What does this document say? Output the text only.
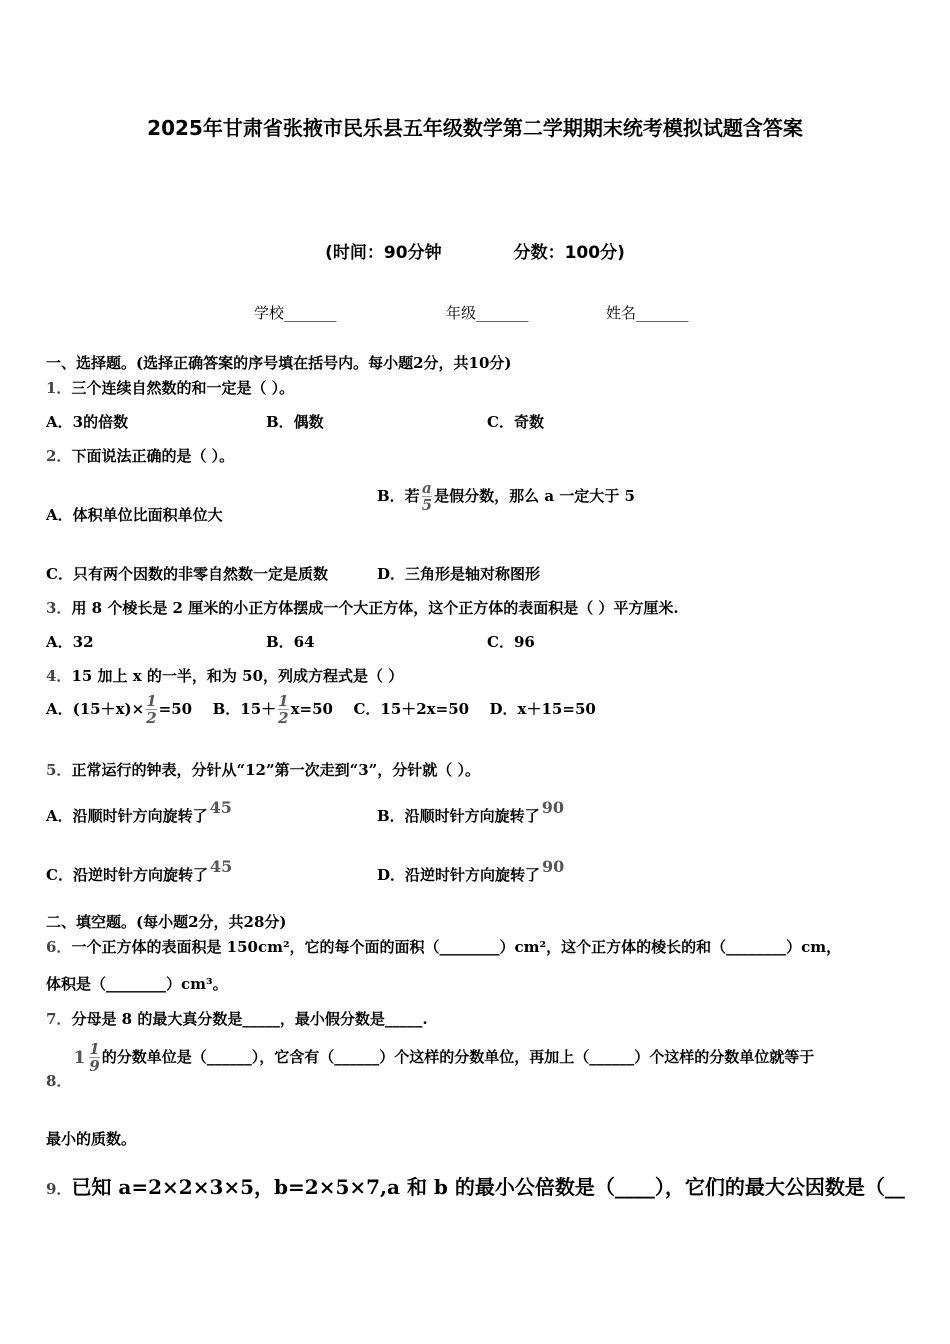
2025年甘肃省张掖市民乐县五年级数学第二学期期末统考模拟试题含答案
(时间：90分钟	分数：100分)
学校_______	年级_______	姓名_______
一、选择题。(选择正确答案的序号填在括号内。每小题2分，共10分)
1．三个连续自然数的和一定是（ ）。
A．3的倍数	B．偶数	C．奇数
2．下面说法正确的是（ ）。
A．体积单位比面积单位大
B．若 $\frac{a}{5}$ 是假分数，那么 a 一定大于 5
C．只有两个因数的非零自然数一定是质数	D．三角形是轴对称图形
3．用 8 个棱长是 2 厘米的小正方体摆成一个大正方体，这个正方体的表面积是（ ）平方厘米.
A．32	B．64	C．96
4．15 加上 x 的一半，和为 50，列成方程式是（ ）
A．$(15+x)\times \frac{1}{2} =50$ B．$15+ \frac{1}{2} x=50$ C．15＋2x=50 D．x＋15=50
5．正常运行的钟表，分针从“12”第一次走到“3”，分针就（ ）。
A．沿顺时针方向旋转了 45	B．沿顺时针方向旋转了 90
C．沿逆时针方向旋转了 45	D．沿逆时针方向旋转了 90
二、填空题。(每小题2分，共28分)
6．一个正方体的表面积是 150cm²，它的每个面的面积（________）cm²，这个正方体的棱长的和（________）cm，
体积是（________）cm³。
7．分母是 8 的最大真分数是_____，最小假分数是_____.
8．$1 \frac{1}{9}$ 的分数单位是（______），它含有（______）个这样的分数单位，再加上（______）个这样的分数单位就等于
最小的质数。
9．已知 a=2×2×3×5，b=2×5×7,a 和 b 的最小公倍数是（____），它们的最大公因数是（__
